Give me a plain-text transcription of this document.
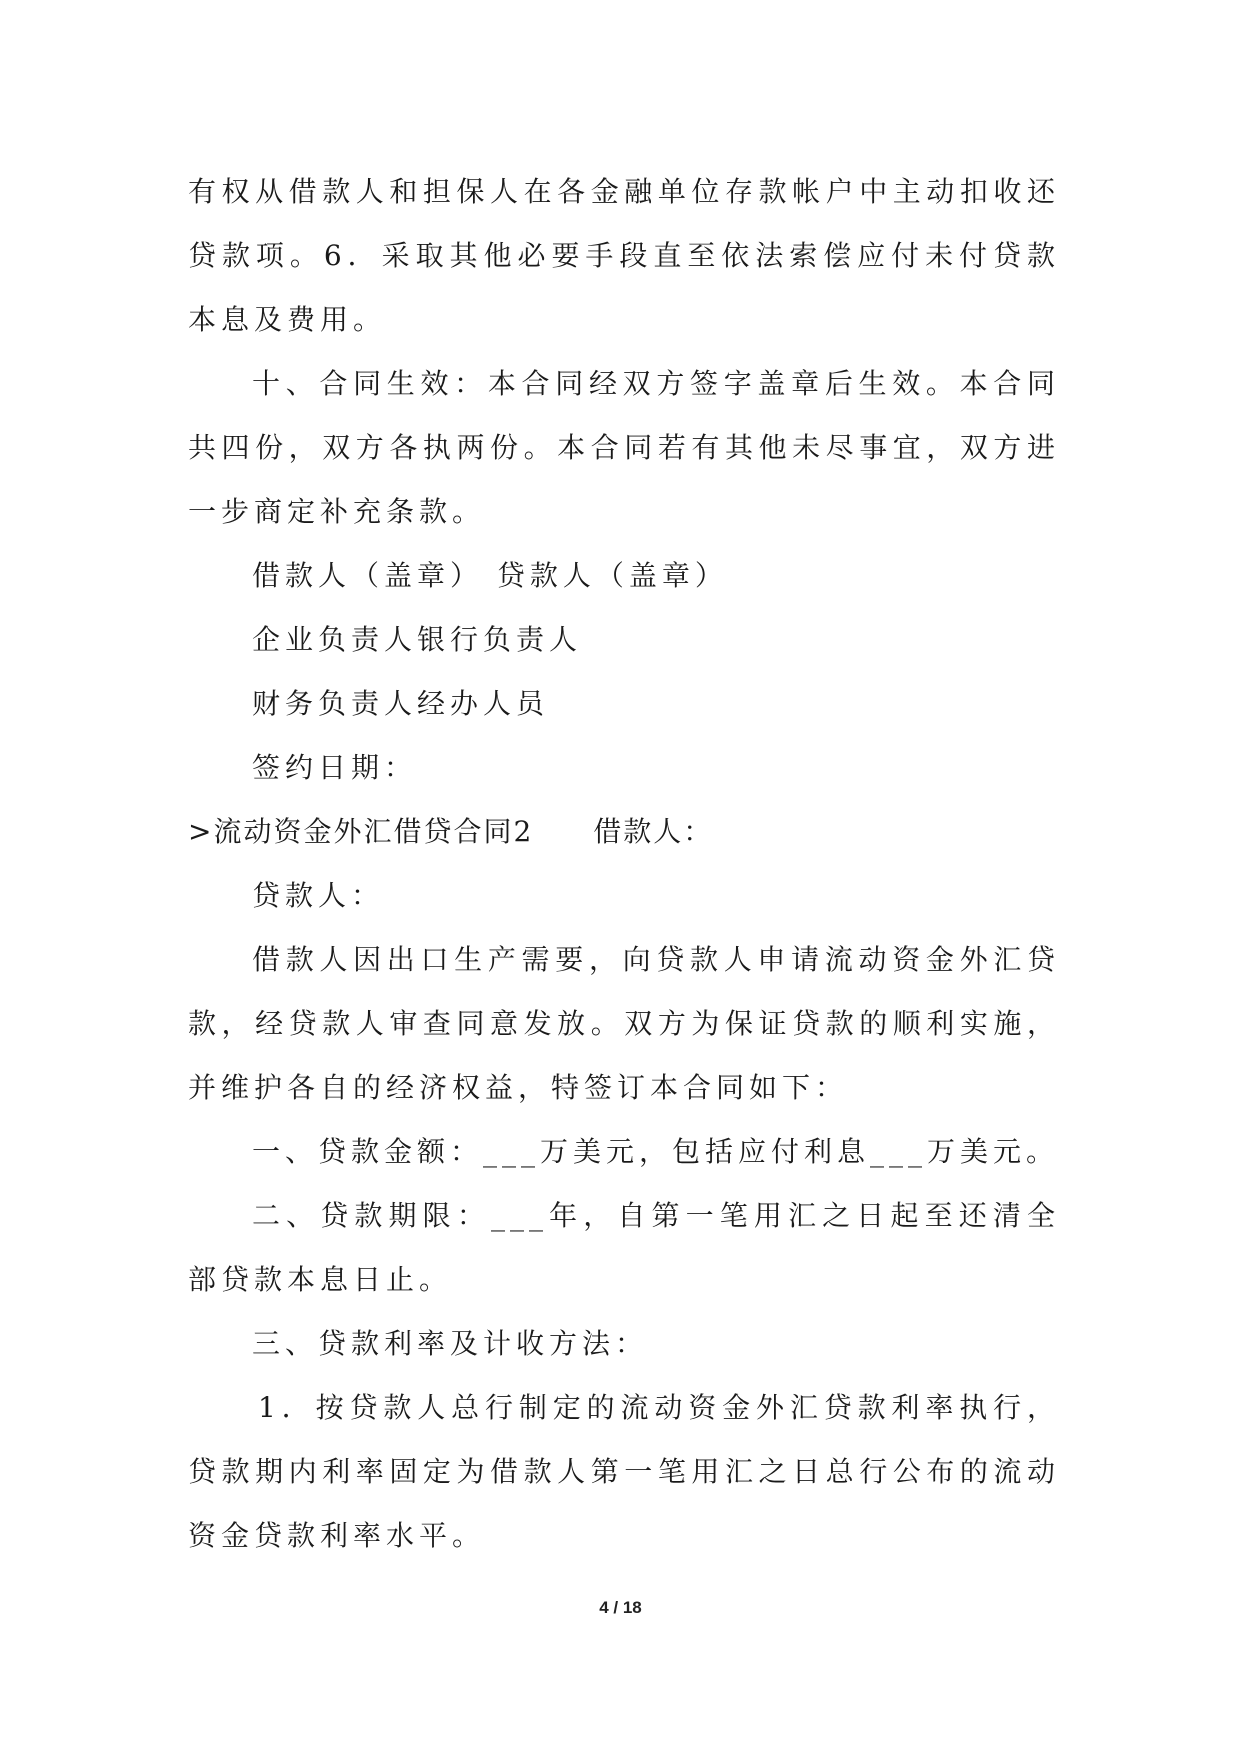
有权从借款人和担保人在各金融单位存款帐户中主动扣收还贷款项。6．采取其他必要手段直至依法索偿应付未付贷款本息及费用。

十、合同生效：本合同经双方签字盖章后生效。本合同共四份，双方各执两份。本合同若有其他未尽事宜，双方进一步商定补充条款。

借款人（盖章） 贷款人（盖章）

企业负责人银行负责人

财务负责人经办人员

签约日期：

>流动资金外汇借贷合同2　　借款人：

贷款人：

借款人因出口生产需要，向贷款人申请流动资金外汇贷款，经贷款人审查同意发放。双方为保证贷款的顺利实施，并维护各自的经济权益，特签订本合同如下：

一、贷款金额：___万美元，包括应付利息___万美元。

二、贷款期限：___年，自第一笔用汇之日起至还清全部贷款本息日止。

三、贷款利率及计收方法：

1．按贷款人总行制定的流动资金外汇贷款利率执行，贷款期内利率固定为借款人第一笔用汇之日总行公布的流动资金贷款利率水平。

4 / 18
